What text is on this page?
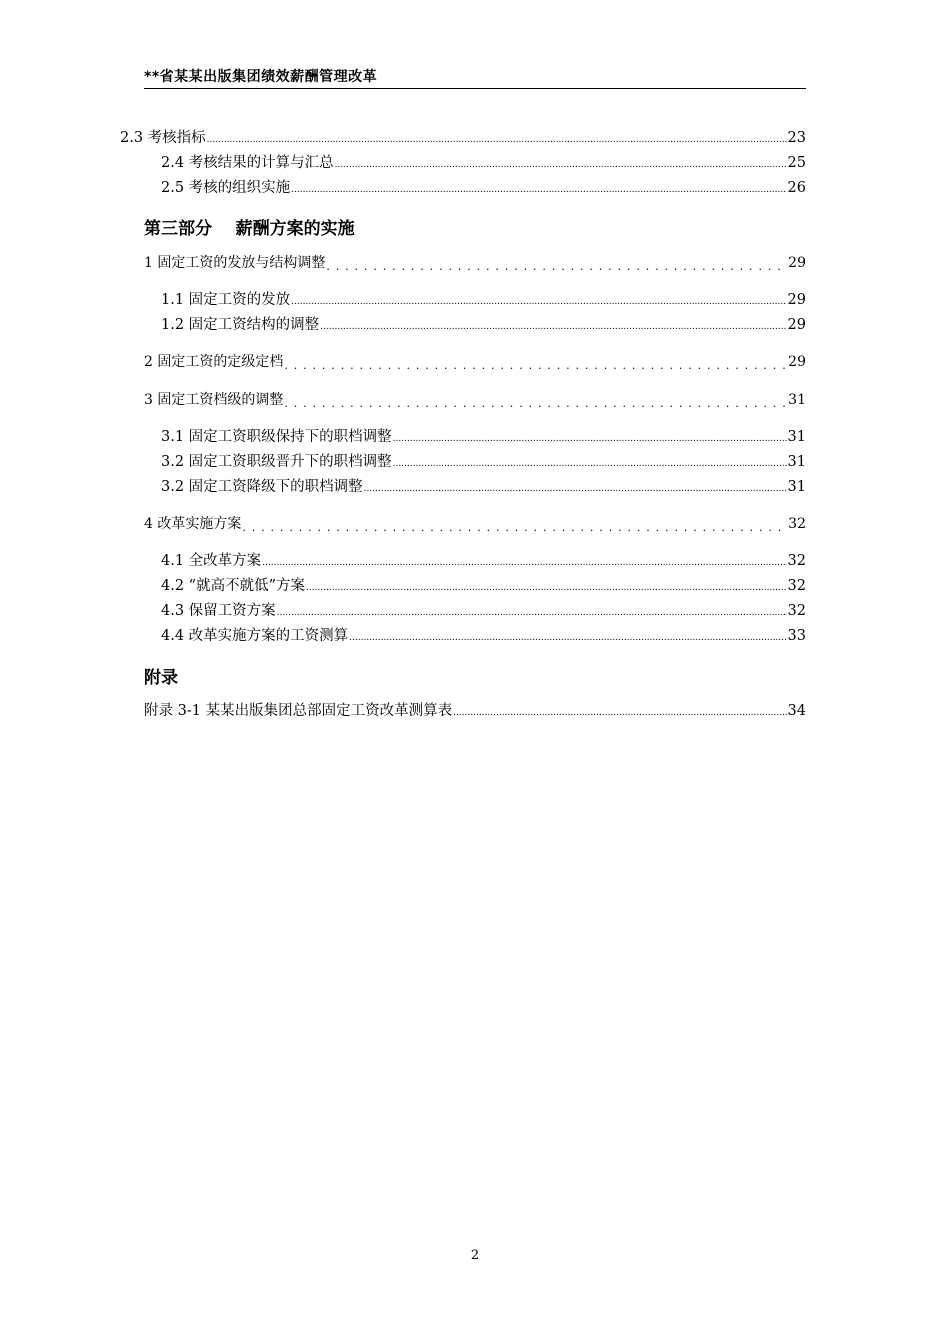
**省某某出版集团绩效薪酬管理改革
2.3 考核指标 .....	23
2.4 考核结果的计算与汇总 .....	25
2.5 考核的组织实施 .....	26
第三部分    薪酬方案的实施
1 固定工资的发放与结构调整 . . .	29
1.1 固定工资的发放 .....	29
1.2 固定工资结构的调整 .....	29
2 固定工资的定级定档 . . .	29
3 固定工资档级的调整 . . .	31
3.1 固定工资职级保持下的职档调整 .....	31
3.2 固定工资职级晋升下的职档调整 .....	31
3.2 固定工资降级下的职档调整 .....	31
4 改革实施方案 . . .	32
4.1 全改革方案 .....	32
4.2 “就高不就低”方案 .....	32
4.3 保留工资方案 .....	32
4.4 改革实施方案的工资测算 .....	33
附录
附录 3-1 某某出版集团总部固定工资改革测算表 .....	34
2
